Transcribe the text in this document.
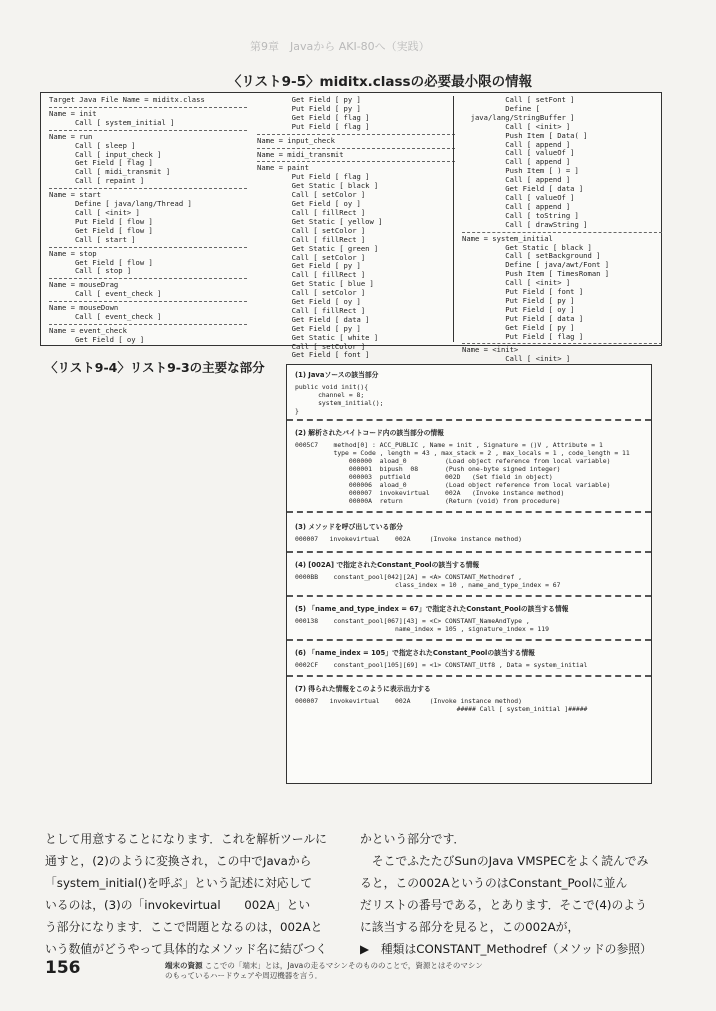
第9章　Javaから AKI-80へ（実践）
〈リスト9-5〉miditx.classの必要最小限の情報
Target Java File Name = miditx.class
Name = init
Call [ system_initial ]
Name = run
Call [ sleep ]
Call [ input_check ]
Get Field [ flag ]
Call [ midi_transmit ]
Call [ repaint ]
Name = start
Define [ java/lang/Thread ]
Call [ <init> ]
Put Field [ flow ]
Get Field [ flow ]
Call [ start ]
Name = stop
Get Field [ flow ]
Call [ stop ]
Name = mouseDrag
Call [ event_check ]
Name = mouseDown
Call [ event_check ]
Name = event_check
Get Field [ oy ]
Get Field [ py ]
Put Field [ py ]
Get Field [ flag ]
Put Field [ flag ]
Name = input_check
Name = midi_transmit
Name = paint
Put Field [ flag ]
Get Static [ black ]
Call [ setColor ]
Get Field [ oy ]
Call [ fillRect ]
Get Static [ yellow ]
Call [ setColor ]
Call [ fillRect ]
Get Static [ green ]
Call [ setColor ]
Get Field [ py ]
Call [ fillRect ]
Get Static [ blue ]
Call [ setColor ]
Get Field [ oy ]
Call [ fillRect ]
Get Field [ data ]
Get Field [ py ]
Get Static [ white ]
Call [ setColor ]
Get Field [ font ]
Call [ setFont ]
Define [
java/lang/StringBuffer ]
Call [ <init> ]
Push Item [ Data( ]
Call [ append ]
Call [ valueOf ]
Call [ append ]
Push Item [ ) = ]
Call [ append ]
Get Field [ data ]
Call [ valueOf ]
Call [ append ]
Call [ toString ]
Call [ drawString ]
Name = system_initial
Get Static [ black ]
Call [ setBackground ]
Define [ java/awt/Font ]
Push Item [ TimesRoman ]
Call [ <init> ]
Put Field [ font ]
Put Field [ py ]
Put Field [ oy ]
Put Field [ data ]
Get Field [ py ]
Put Field [ flag ]
Name = <init>
Call [ <init> ]
〈リスト9-4〉リスト9-3の主要な部分	(1) Javaソースの該当部分
public void init(){
channel = 8;
system_initial();
}
(2) 解析されたバイトコード内の該当部分の情報
0005C7    method[0] : ACC_PUBLIC , Name = init , Signature = ()V , Attribute = 1
type = Code , length = 43 , max_stack = 2 , max_locals = 1 , code_length = 11
000000  aload_0          (Load object reference from local variable)
000001  bipush  08       (Push one-byte signed integer)
000003  putfield         002D   (Set field in object)
000006  aload_0          (Load object reference from local variable)
000007  invokevirtual    002A   (Invoke instance method)
00000A  return           (Return (void) from procedure)
(3) メソッドを呼び出している部分
000007   invokevirtual    002A     (Invoke instance method)
(4) [002A] で指定されたConstant_Poolの該当する情報
0000BB    constant_pool[042][2A] = <A> CONSTANT_Methodref ,
class_index = 10 , name_and_type_index = 67
(5) 「name_and_type_index = 67」で指定されたConstant_Poolの該当する情報
000138    constant_pool[067][43] = <C> CONSTANT_NameAndType ,
name_index = 105 , signature_index = 119
(6) 「name_index = 105」で指定されたConstant_Poolの該当する情報
0002CF    constant_pool[105][69] = <1> CONSTANT_Utf8 , Data = system_initial
(7) 得られた情報をこのように表示出力する
000007   invokevirtual    002A     (Invoke instance method)
##### Call [ system_initial ]#####

として用意することになります．これを解析ツールに

通すと，(2)のように変換され，この中でJavaから

「system_initial()を呼ぶ」という記述に対応して

いるのは，(3)の「invokevirtual　　002A」とい

う部分になります．ここで問題となるのは，002Aと

いう数値がどうやって具体的なメソッド名に結びつく

かという部分です．

　そこでふたたびSunのJava VMSPECをよく読んでみ

ると，この002AというのはConstant_Poolに並ん

だリストの番号である，とあります．そこで(4)のよう

に該当する部分を見ると，この002Aが，

▶　種類はCONSTANT_Methodref（メソッドの参照）

156	端末の資源 ここでの「端末」とは，Javaの走るマシンそのもののことで，資源とはそのマシンのもっているハードウェアや周辺機器を言う．
